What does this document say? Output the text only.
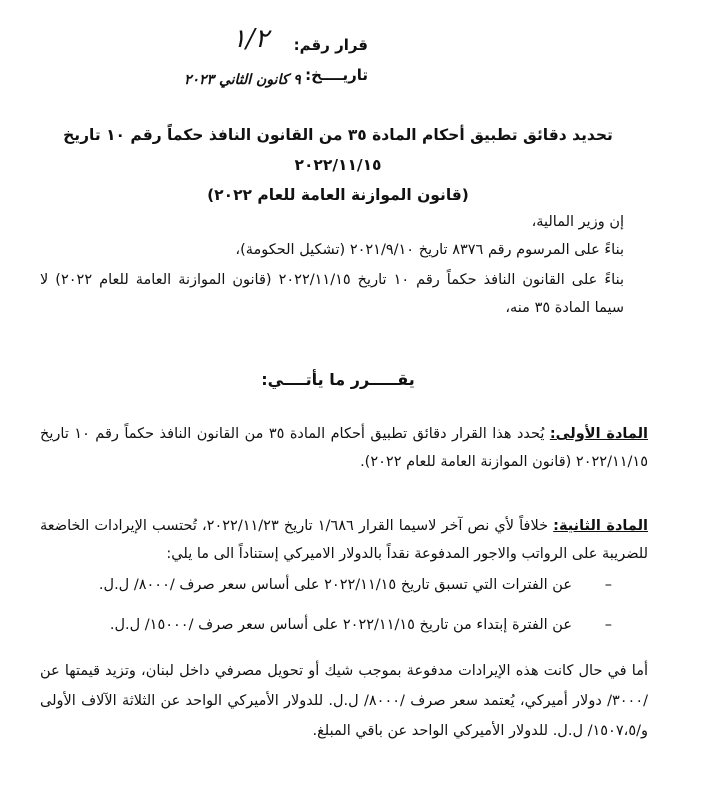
قرار رقم:
١/٢
تاريــــخ:
٩ كانون الثاني ٢٠٢٣
تحديد دقائق تطبيق أحكام المادة ٣٥ من القانون النافذ حكماً رقم ١٠ تاريخ ٢٠٢٢/١١/١٥
(قانون الموازنة العامة للعام ٢٠٢٢)
إن وزير المالية،
بناءً على المرسوم رقم ٨٣٧٦ تاريخ ٢٠٢١/٩/١٠ (تشكيل الحكومة)،
بناءً على القانون النافذ حكماً رقم ١٠ تاريخ ٢٠٢٢/١١/١٥ (قانون الموازنة العامة للعام ٢٠٢٢) لا سيما المادة ٣٥ منه،
يقـــــرر ما يأتــــي:
المادة الأولى: يُحدد هذا القرار دقائق تطبيق أحكام المادة ٣٥ من القانون النافذ حكماً رقم ١٠ تاريخ ٢٠٢٢/١١/١٥ (قانون الموازنة العامة للعام ٢٠٢٢).
المادة الثانية: خلافاً لأي نص آخر لاسيما القرار ١/٦٨٦ تاريخ ٢٠٢٢/١١/٢٣، تُحتسب الإيرادات الخاضعة للضريبة على الرواتب والاجور المدفوعة نقداً بالدولار الاميركي إستناداً الى ما يلي:
–
عن الفترات التي تسبق تاريخ ٢٠٢٢/١١/١٥ على أساس سعر صرف /٨٠٠٠/ ل.ل.
–
عن الفترة إبتداء من تاريخ ٢٠٢٢/١١/١٥ على أساس سعر صرف /١٥٠٠٠/ ل.ل.
أما في حال كانت هذه الإيرادات مدفوعة بموجب شيك أو تحويل مصرفي داخل لبنان، وتزيد قيمتها عن /٣٠٠٠/ دولار أميركي، يُعتمد سعر صرف /٨٠٠٠/ ل.ل. للدولار الأميركي الواحد عن الثلاثة الآلاف الأولى و/١٥٠٧،٥/ ل.ل. للدولار الأميركي الواحد عن باقي المبلغ.
